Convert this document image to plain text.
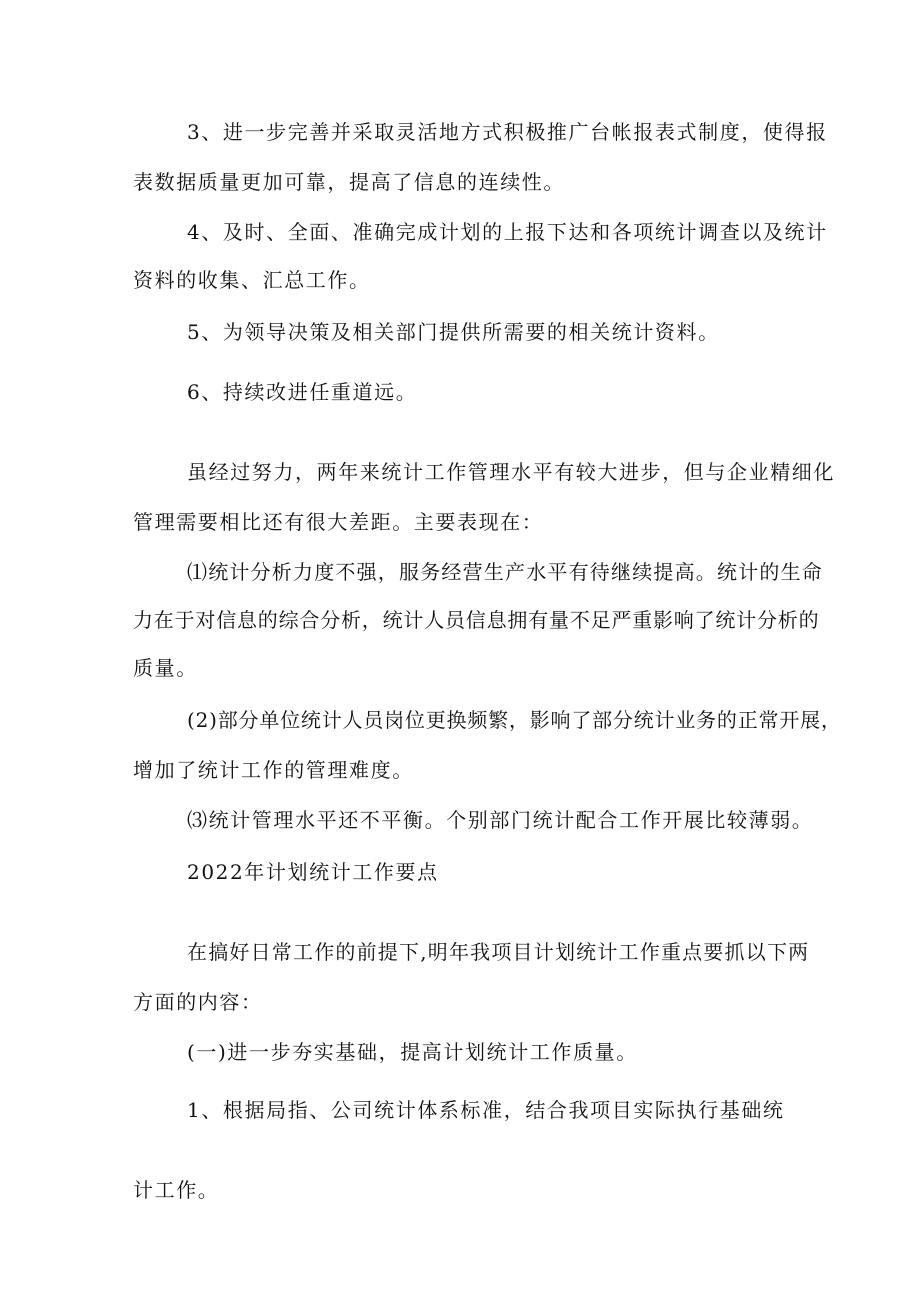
3、进一步完善并采取灵活地方式积极推广台帐报表式制度，使得报
表数据质量更加可靠，提高了信息的连续性。
4、及时、全面、准确完成计划的上报下达和各项统计调查以及统计
资料的收集、汇总工作。
5、为领导决策及相关部门提供所需要的相关统计资料。
6、持续改进任重道远。
虽经过努力，两年来统计工作管理水平有较大进步，但与企业精细化
管理需要相比还有很大差距。主要表现在：
⑴统计分析力度不强，服务经营生产水平有待继续提高。统计的生命
力在于对信息的综合分析，统计人员信息拥有量不足严重影响了统计分析的
质量。
(2)部分单位统计人员岗位更换频繁，影响了部分统计业务的正常开展，
增加了统计工作的管理难度。
⑶统计管理水平还不平衡。个别部门统计配合工作开展比较薄弱。
2022年计划统计工作要点
在搞好日常工作的前提下,明年我项目计划统计工作重点要抓以下两
方面的内容：
(一)进一步夯实基础，提高计划统计工作质量。
1、根据局指、公司统计体系标准，结合我项目实际执行基础统
计工作。
